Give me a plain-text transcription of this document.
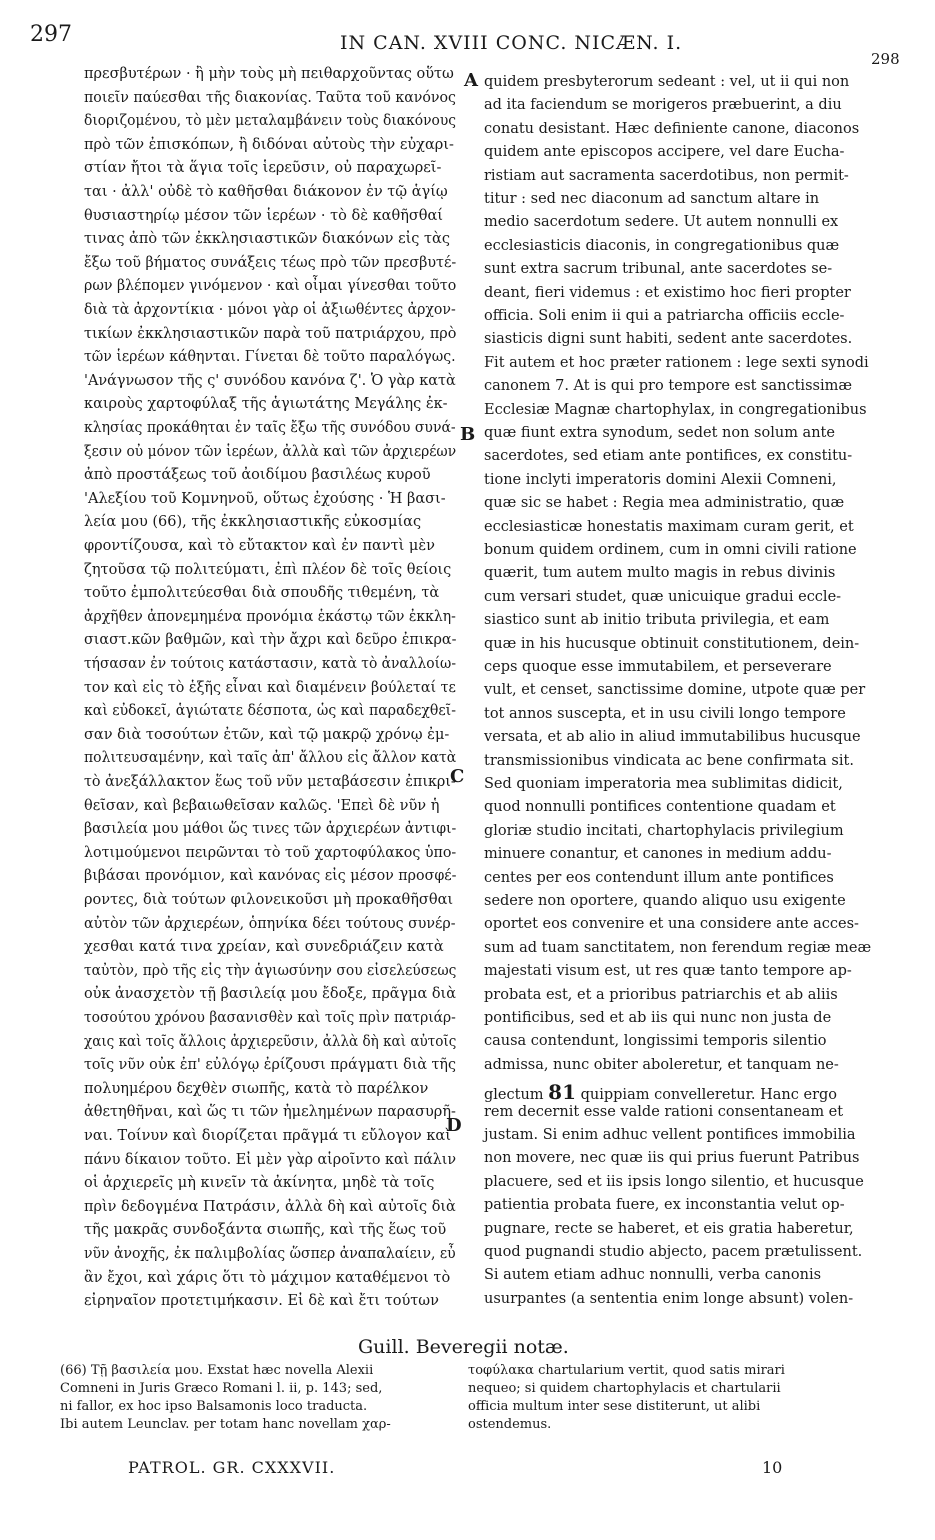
297	IN CAN. XVIII CONC. NICÆN. I.
298
πρεσβυτέρων · ἢ μὴν τοὺς μὴ πειθαρχοῦντας οὕτω
ποιεῖν παύεσθαι τῆς διακονίας. Ταῦτα τοῦ κανόνος
διοριζομένου, τὸ μὲν μεταλαμβάνειν τοὺς διακόνους
πρὸ τῶν ἐπισκόπων, ἢ διδόναι αὐτοὺς τὴν εὐχαρι-
στίαν ἤτοι τὰ ἅγια τοῖς ἱερεῦσιν, οὐ παραχωρεῖ-
ται · ἀλλ' οὐδὲ τὸ καθῆσθαι διάκονον ἐν τῷ ἁγίῳ
θυσιαστηρίῳ μέσον τῶν ἱερέων · τὸ δὲ καθῆσθαί
τινας ἀπὸ τῶν ἐκκλησιαστικῶν διακόνων εἰς τὰς
ἔξω τοῦ βήματος συνάξεις τέως πρὸ τῶν πρεσβυτέ-
ρων βλέπομεν γινόμενον · καὶ οἶμαι γίνεσθαι τοῦτο
διὰ τὰ ἀρχοντίκια · μόνοι γὰρ οἱ ἀξιωθέντες ἀρχον-
τικίων ἐκκλησιαστικῶν παρὰ τοῦ πατριάρχου, πρὸ
τῶν ἱερέων κάθηνται. Γίνεται δὲ τοῦτο παραλόγως.
'Ανάγνωσον τῆς ς' συνόδου κανόνα ζ'. Ὁ γὰρ κατὰ
καιροὺς χαρτοφύλαξ τῆς ἁγιωτάτης Μεγάλης ἐκ-
κλησίας προκάθηται ἐν ταῖς ἔξω τῆς συνόδου συνά-
ξεσιν οὐ μόνον τῶν ἱερέων, ἀλλὰ καὶ τῶν ἀρχιερέων
ἀπὸ προστάξεως τοῦ ἀοιδίμου βασιλέως κυροῦ
'Αλεξίου τοῦ Κομνηνοῦ, οὕτως ἐχούσης · Ἡ βασι-
λεία μου (66), τῆς ἐκκλησιαστικῆς εὐκοσμίας
φροντίζουσα, καὶ τὸ εὔτακτον καὶ ἐν παντὶ μὲν
ζητοῦσα τῷ πολιτεύματι, ἐπὶ πλέον δὲ τοῖς θείοις
τοῦτο ἐμπολιτεύεσθαι διὰ σπουδῆς τιθεμένη, τὰ
ἀρχῆθεν ἀπονεμημένα προνόμια ἑκάστῳ τῶν ἐκκλη-
σιαστ.κῶν βαθμῶν, καὶ τὴν ἄχρι καὶ δεῦρο ἐπικρα-
τήσασαν ἐν τούτοις κατάστασιν, κατὰ τὸ ἀναλλοίω-
τον καὶ εἰς τὸ ἑξῆς εἶναι καὶ διαμένειν βούλεταί τε
καὶ εὐδοκεῖ, ἁγιώτατε δέσποτα, ὡς καὶ παραδεχθεῖ-
σαν διὰ τοσούτων ἐτῶν, καὶ τῷ μακρῷ χρόνῳ ἐμ-
πολιτευσαμένην, καὶ ταῖς ἀπ' ἄλλου εἰς ἄλλον κατὰ
τὸ ἀνεξάλλακτον ἕως τοῦ νῦν μεταβάσεσιν ἐπικρι-
θεῖσαν, καὶ βεβαιωθεῖσαν καλῶς. 'Επεὶ δὲ νῦν ἡ
βασιλεία μου μάθοι ὥς τινες τῶν ἀρχιερέων ἀντιφι-
λοτιμούμενοι πειρῶνται τὸ τοῦ χαρτοφύλακος ὑπο-
βιβάσαι προνόμιον, καὶ κανόνας εἰς μέσον προσφέ-
ροντες, διὰ τούτων φιλονεικοῦσι μὴ προκαθῆσθαι
αὐτὸν τῶν ἀρχιερέων, ὁπηνίκα δέει τούτους συνέρ-
χεσθαι κατά τινα χρείαν, καὶ συνεδριάζειν κατὰ
ταὐτὸν, πρὸ τῆς εἰς τὴν ἁγιωσύνην σου εἰσελεύσεως
οὐκ ἀνασχετὸν τῇ βασιλείᾳ μου ἔδοξε, πρᾶγμα διὰ
τοσούτου χρόνου βασανισθὲν καὶ τοῖς πρὶν πατριάρ-
χαις καὶ τοῖς ἄλλοις ἀρχιερεῦσιν, ἀλλὰ δὴ καὶ αὐτοῖς
τοῖς νῦν οὐκ ἐπ' εὐλόγῳ ἐρίζουσι πράγματι διὰ τῆς
πολυημέρου δεχθὲν σιωπῆς, κατὰ τὸ παρέλκον
ἀθετηθῆναι, καὶ ὥς τι τῶν ἠμελημένων παρασυρῆ-
ναι. Τοίνυν καὶ διορίζεται πρᾶγμά τι εὔλογον καὶ
πάνυ δίκαιον τοῦτο. Εἰ μὲν γὰρ αἱροῖντο καὶ πάλιν
οἱ ἀρχιερεῖς μὴ κινεῖν τὰ ἀκίνητα, μηδὲ τὰ τοῖς
πρὶν δεδογμένα Πατράσιν, ἀλλὰ δὴ καὶ αὐτοῖς διὰ
τῆς μακρᾶς συνδοξάντα σιωπῆς, καὶ τῆς ἕως τοῦ
νῦν ἀνοχῆς, ἐκ παλιμβολίας ὥσπερ ἀναπαλαίειν, εὖ
ἂν ἔχοι, καὶ χάρις ὅτι τὸ μάχιμον καταθέμενοι τὸ
εἰρηναῖον προτετιμήκασιν. Εἰ δὲ καὶ ἔτι τούτων
quidem presbyterorum sedeant : vel, ut ii qui non
ad ita faciendum se morigeros præbuerint, a diu
conatu desistant. Hæc definiente canone, diaconos
quidem ante episcopos accipere, vel dare Eucha-
ristiam aut sacramenta sacerdotibus, non permit-
titur : sed nec diaconum ad sanctum altare in
medio sacerdotum sedere. Ut autem nonnulli ex
ecclesiasticis diaconis, in congregationibus quæ
sunt extra sacrum tribunal, ante sacerdotes se-
deant, fieri videmus : et existimo hoc fieri propter
officia. Soli enim ii qui a patriarcha officiis eccle-
siasticis digni sunt habiti, sedent ante sacerdotes.
Fit autem et hoc præter rationem : lege sexti synodi
canonem 7. At is qui pro tempore est sanctissimæ
Ecclesiæ Magnæ chartophylax, in congregationibus
quæ fiunt extra synodum, sedet non solum ante
sacerdotes, sed etiam ante pontifices, ex constitu-
tione inclyti imperatoris domini Alexii Comneni,
quæ sic se habet : Regia mea administratio, quæ
ecclesiasticæ honestatis maximam curam gerit, et
bonum quidem ordinem, cum in omni civili ratione
quærit, tum autem multo magis in rebus divinis
cum versari studet, quæ unicuique gradui eccle-
siastico sunt ab initio tributa privilegia, et eam
quæ in his hucusque obtinuit constitutionem, dein-
ceps quoque esse immutabilem, et perseverare
vult, et censet, sanctissime domine, utpote quæ per
tot annos suscepta, et in usu civili longo tempore
versata, et ab alio in aliud immutabilibus hucusque
transmissionibus vindicata ac bene confirmata sit.
Sed quoniam imperatoria mea sublimitas didicit,
quod nonnulli pontifices contentione quadam et
gloriæ studio incitati, chartophylacis privilegium
minuere conantur, et canones in medium addu-
centes per eos contendunt illum ante pontifices
sedere non oportere, quando aliquo usu exigente
oportet eos convenire et una considere ante acces-
sum ad tuam sanctitatem, non ferendum regiæ meæ
majestati visum est, ut res quæ tanto tempore ap-
probata est, et a prioribus patriarchis et ab aliis
pontificibus, sed et ab iis qui nunc non justa de
causa contendunt, longissimi temporis silentio
admissa, nunc obiter aboleretur, et tanquam ne-
glectum 81 quippiam convelleretur. Hanc ergo
rem decernit esse valde rationi consentaneam et
justam. Si enim adhuc vellent pontifices immobilia
non movere, nec quæ iis qui prius fuerunt Patribus
placuere, sed et iis ipsis longo silentio, et hucusque
patientia probata fuere, ex inconstantia velut op-
pugnare, recte se haberet, et eis gratia haberetur,
quod pugnandi studio abjecto, pacem prætulissent.
Si autem etiam adhuc nonnulli, verba canonis
usurpantes (a sententia enim longe absunt) volen-
A
B
C
D
Guill. Beveregii notæ.
(66) Τῇ βασιλεία μου. Exstat hæc novella Alexii
Comneni in Juris Græco Romani l. ii, p. 143; sed,
ni fallor, ex hoc ipso Balsamonis loco traducta.
Ibi autem Leunclav. per totam hanc novellam χαρ-
τοφύλακα chartularium vertit, quod satis mirari
nequeo; si quidem chartophylacis et chartularii
officia multum inter sese distiterunt, ut alibi
ostendemus.
PATROL. GR. CXXXVII.	10
